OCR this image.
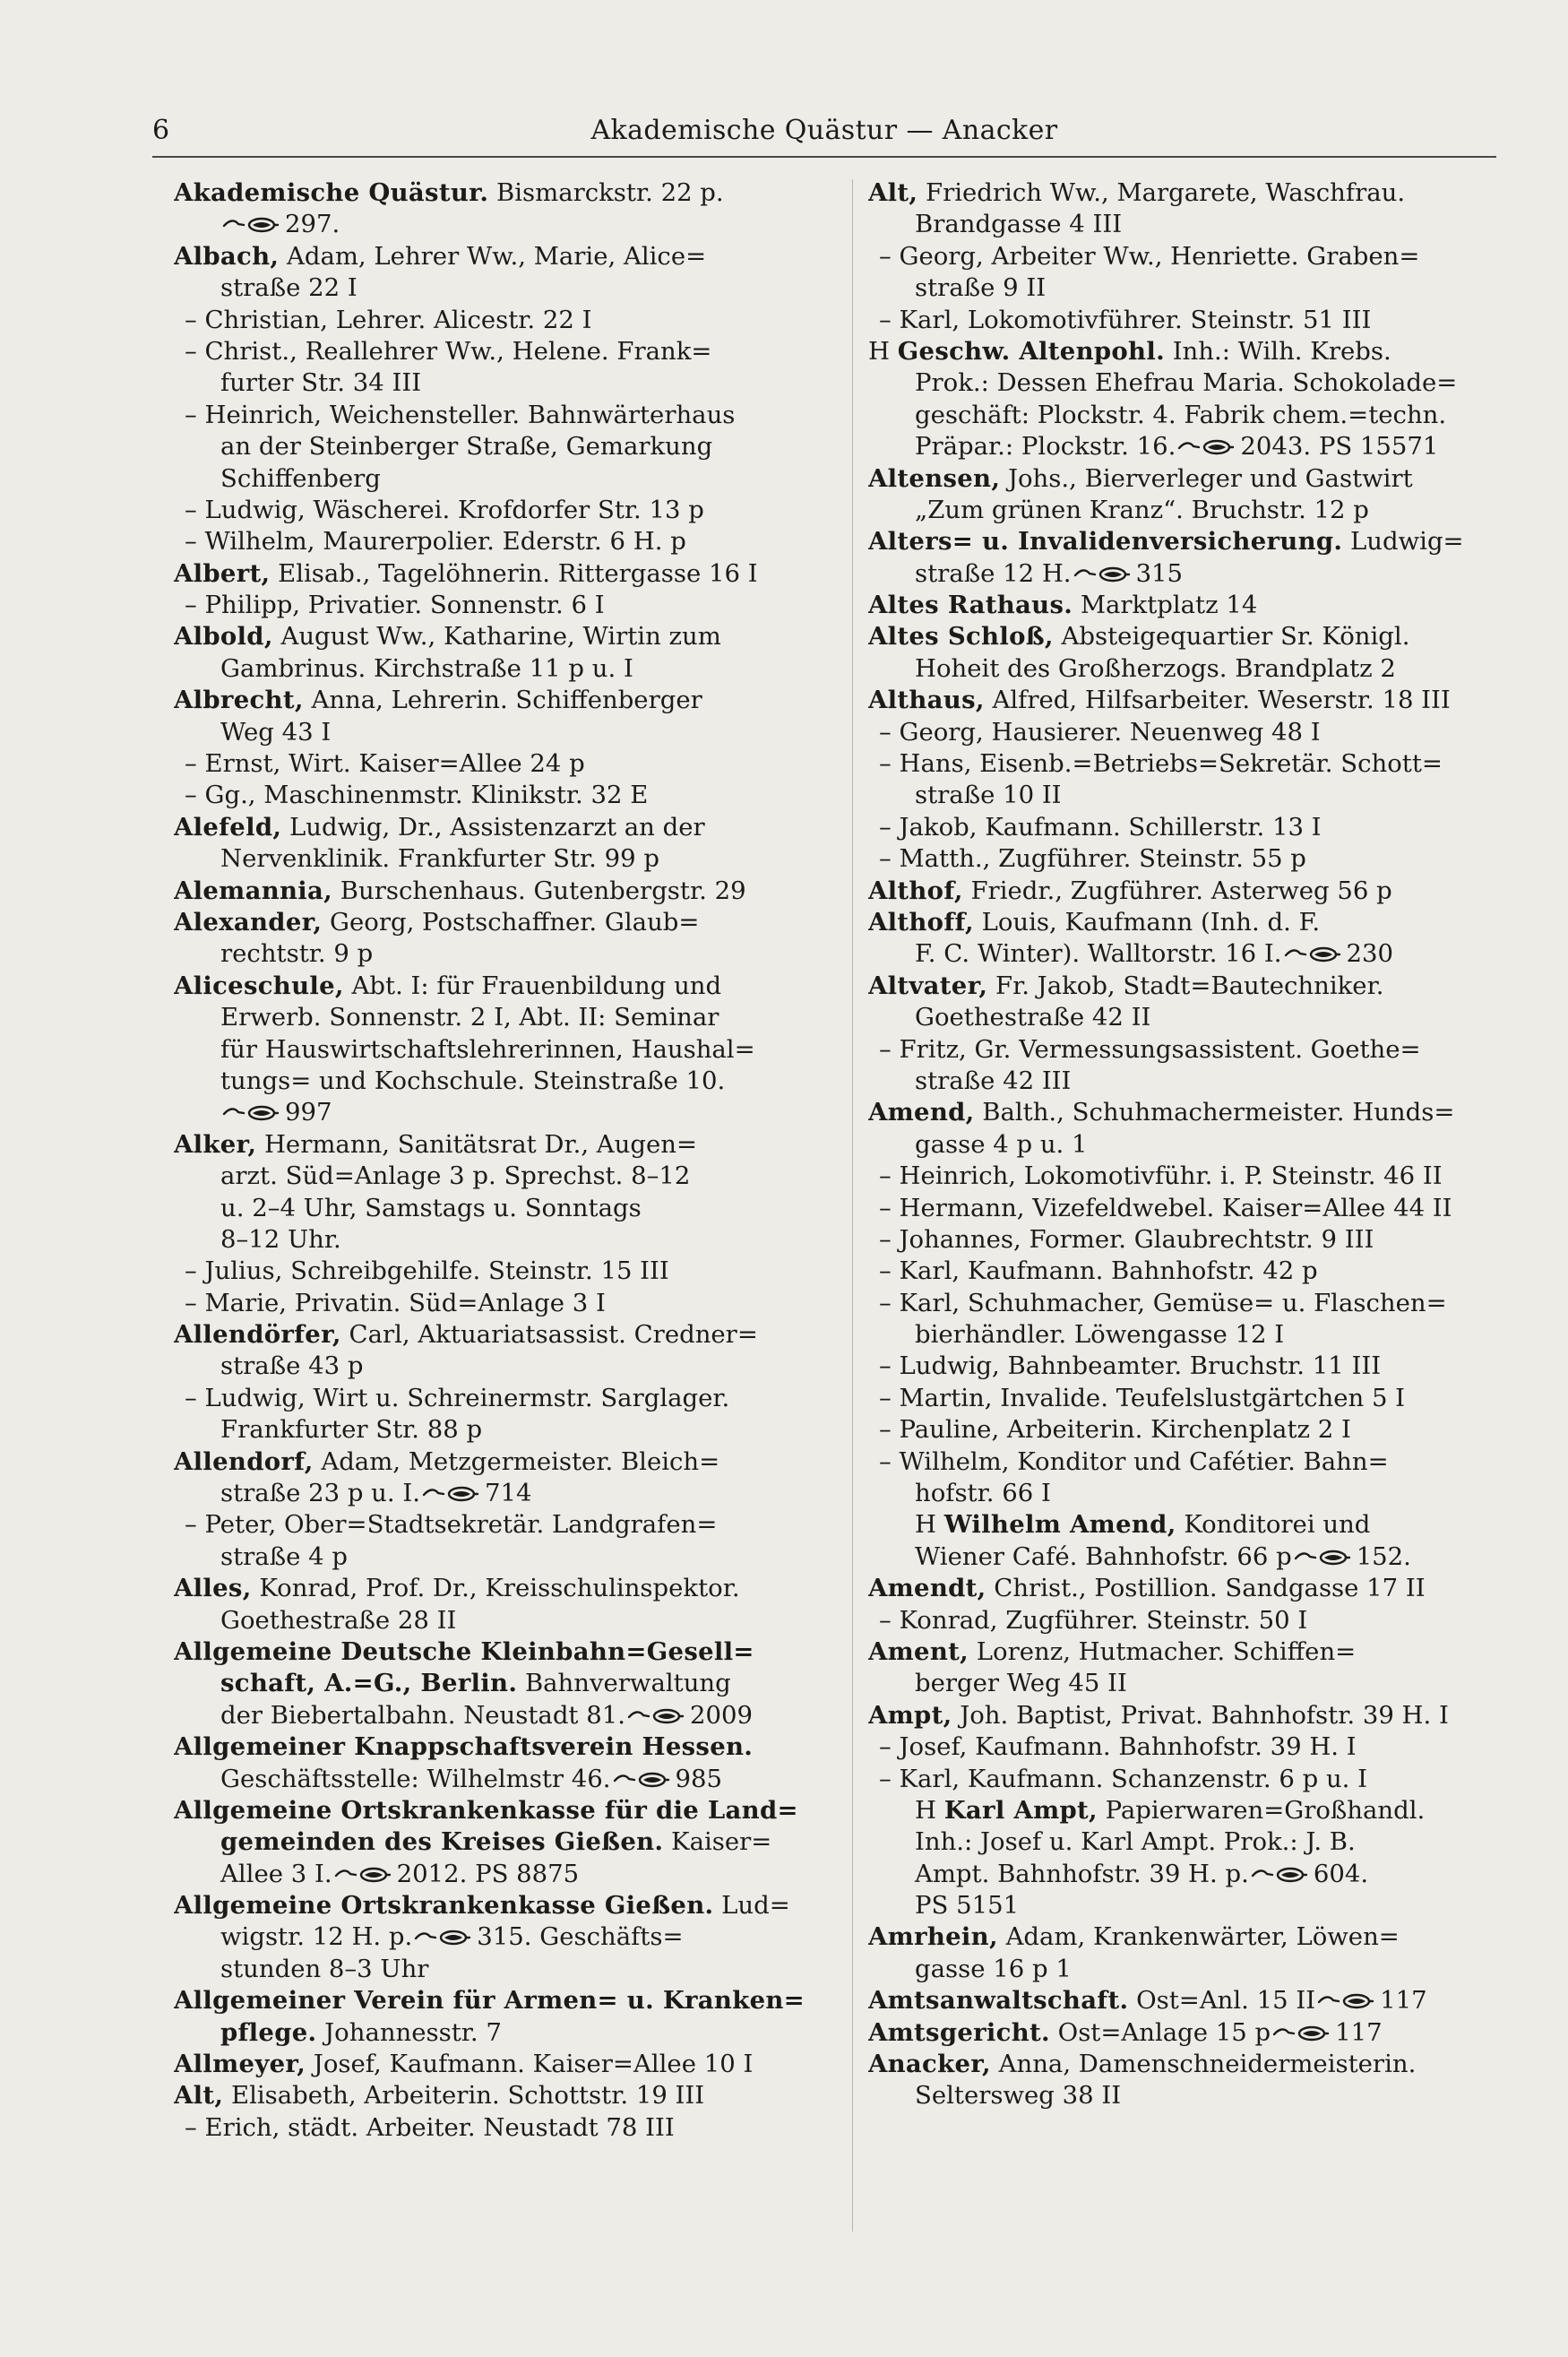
6	Akademische Quästur — Anacker
Akademische Quästur. Bismarckstr. 22 p.
297.
Albach, Adam, Lehrer Ww., Marie, Alice=
straße 22 I
– Christian, Lehrer. Alicestr. 22 I
– Christ., Reallehrer Ww., Helene. Frank=
furter Str. 34 III
– Heinrich, Weichensteller. Bahnwärterhaus
an der Steinberger Straße, Gemarkung
Schiffenberg
– Ludwig, Wäscherei. Krofdorfer Str. 13 p
– Wilhelm, Maurerpolier. Ederstr. 6 H. p
Albert, Elisab., Tagelöhnerin. Rittergasse 16 I
– Philipp, Privatier. Sonnenstr. 6 I
Albold, August Ww., Katharine, Wirtin zum
Gambrinus. Kirchstraße 11 p u. I
Albrecht, Anna, Lehrerin. Schiffenberger
Weg 43 I
– Ernst, Wirt. Kaiser=Allee 24 p
– Gg., Maschinenmstr. Klinikstr. 32 E
Alefeld, Ludwig, Dr., Assistenzarzt an der
Nervenklinik. Frankfurter Str. 99 p
Alemannia, Burschenhaus. Gutenbergstr. 29
Alexander, Georg, Postschaffner. Glaub=
rechtstr. 9 p
Aliceschule, Abt. I: für Frauenbildung und
Erwerb. Sonnenstr. 2 I, Abt. II: Seminar
für Hauswirtschaftslehrerinnen, Haushal=
tungs= und Kochschule. Steinstraße 10.
997
Alker, Hermann, Sanitätsrat Dr., Augen=
arzt. Süd=Anlage 3 p. Sprechst. 8–12
u. 2–4 Uhr, Samstags u. Sonntags
8–12 Uhr.
– Julius, Schreibgehilfe. Steinstr. 15 III
– Marie, Privatin. Süd=Anlage 3 I
Allendörfer, Carl, Aktuariatsassist. Credner=
straße 43 p
– Ludwig, Wirt u. Schreinermstr. Sarglager.
Frankfurter Str. 88 p
Allendorf, Adam, Metzgermeister. Bleich=
straße 23 p u. I.	714
– Peter, Ober=Stadtsekretär. Landgrafen=
straße 4 p
Alles, Konrad, Prof. Dr., Kreisschulinspektor.
Goethestraße 28 II
Allgemeine Deutsche Kleinbahn=Gesell=
schaft, A.=G., Berlin. Bahnverwaltung
der Biebertalbahn. Neustadt 81.	2009
Allgemeiner Knappschaftsverein Hessen.
Geschäftsstelle: Wilhelmstr 46.	985
Allgemeine Ortskrankenkasse für die Land=
gemeinden des Kreises Gießen. Kaiser=
Allee 3 I.	2012. PS 8875
Allgemeine Ortskrankenkasse Gießen. Lud=
wigstr. 12 H. p.	315. Geschäfts=
stunden 8–3 Uhr
Allgemeiner Verein für Armen= u. Kranken=
pflege. Johannesstr. 7
Allmeyer, Josef, Kaufmann. Kaiser=Allee 10 I
Alt, Elisabeth, Arbeiterin. Schottstr. 19 III
– Erich, städt. Arbeiter. Neustadt 78 III
Alt, Friedrich Ww., Margarete, Waschfrau.
Brandgasse 4 III
– Georg, Arbeiter Ww., Henriette. Graben=
straße 9 II
– Karl, Lokomotivführer. Steinstr. 51 III
H Geschw. Altenpohl. Inh.: Wilh. Krebs.
Prok.: Dessen Ehefrau Maria. Schokolade=
geschäft: Plockstr. 4. Fabrik chem.=techn.
Präpar.: Plockstr. 16.	2043. PS 15571
Altensen, Johs., Bierverleger und Gastwirt
„Zum grünen Kranz“. Bruchstr. 12 p
Alters= u. Invalidenversicherung. Ludwig=
straße 12 H.	315
Altes Rathaus. Marktplatz 14
Altes Schloß, Absteigequartier Sr. Königl.
Hoheit des Großherzogs. Brandplatz 2
Althaus, Alfred, Hilfsarbeiter. Weserstr. 18 III
– Georg, Hausierer. Neuenweg 48 I
– Hans, Eisenb.=Betriebs=Sekretär. Schott=
straße 10 II
– Jakob, Kaufmann. Schillerstr. 13 I
– Matth., Zugführer. Steinstr. 55 p
Althof, Friedr., Zugführer. Asterweg 56 p
Althoff, Louis, Kaufmann (Inh. d. F.
F. C. Winter). Walltorstr. 16 I.	230
Altvater, Fr. Jakob, Stadt=Bautechniker.
Goethestraße 42 II
– Fritz, Gr. Vermessungsassistent. Goethe=
straße 42 III
Amend, Balth., Schuhmachermeister. Hunds=
gasse 4 p u. 1
– Heinrich, Lokomotivführ. i. P. Steinstr. 46 II
– Hermann, Vizefeldwebel. Kaiser=Allee 44 II
– Johannes, Former. Glaubrechtstr. 9 III
– Karl, Kaufmann. Bahnhofstr. 42 p
– Karl, Schuhmacher, Gemüse= u. Flaschen=
bierhändler. Löwengasse 12 I
– Ludwig, Bahnbeamter. Bruchstr. 11 III
– Martin, Invalide. Teufelslustgärtchen 5 I
– Pauline, Arbeiterin. Kirchenplatz 2 I
– Wilhelm, Konditor und Cafétier. Bahn=
hofstr. 66 I
H Wilhelm Amend, Konditorei und
Wiener Café. Bahnhofstr. 66 p	152.
Amendt, Christ., Postillion. Sandgasse 17 II
– Konrad, Zugführer. Steinstr. 50 I
Ament, Lorenz, Hutmacher. Schiffen=
berger Weg 45 II
Ampt, Joh. Baptist, Privat. Bahnhofstr. 39 H. I
– Josef, Kaufmann. Bahnhofstr. 39 H. I
– Karl, Kaufmann. Schanzenstr. 6 p u. I
H Karl Ampt, Papierwaren=Großhandl.
Inh.: Josef u. Karl Ampt. Prok.: J. B.
Ampt. Bahnhofstr. 39 H. p.	604.
PS 5151
Amrhein, Adam, Krankenwärter, Löwen=
gasse 16 p 1
Amtsanwaltschaft. Ost=Anl. 15 II	117
Amtsgericht. Ost=Anlage 15 p	117
Anacker, Anna, Damenschneidermeisterin.
Seltersweg 38 II
